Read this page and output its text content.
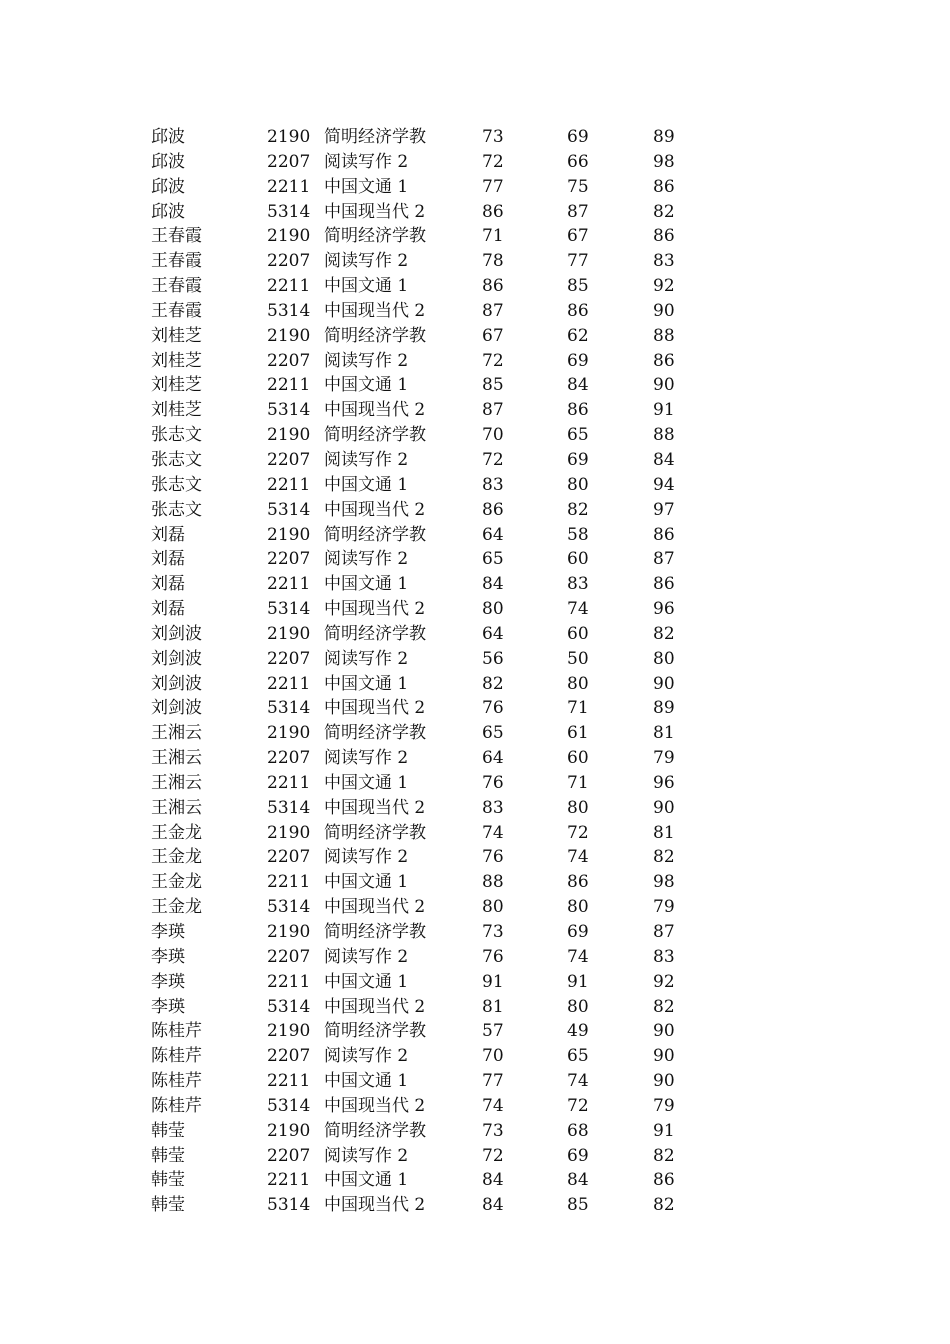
邱波	2190 简明经济学教	73	69	89
邱波	2207 阅读写作 2	72	66	98
邱波	2211 中国文通 1	77	75	86
邱波	5314 中国现当代 2	86	87	82
王春霞	2190 简明经济学教	71	67	86
王春霞	2207 阅读写作 2	78	77	83
王春霞	2211 中国文通 1	86	85	92
王春霞	5314 中国现当代 2	87	86	90
刘桂芝	2190 简明经济学教	67	62	88
刘桂芝	2207 阅读写作 2	72	69	86
刘桂芝	2211 中国文通 1	85	84	90
刘桂芝	5314 中国现当代 2	87	86	91
张志文	2190 简明经济学教	70	65	88
张志文	2207 阅读写作 2	72	69	84
张志文	2211 中国文通 1	83	80	94
张志文	5314 中国现当代 2	86	82	97
刘磊	2190 简明经济学教	64	58	86
刘磊	2207 阅读写作 2	65	60	87
刘磊	2211 中国文通 1	84	83	86
刘磊	5314 中国现当代 2	80	74	96
刘剑波	2190 简明经济学教	64	60	82
刘剑波	2207 阅读写作 2	56	50	80
刘剑波	2211 中国文通 1	82	80	90
刘剑波	5314 中国现当代 2	76	71	89
王湘云	2190 简明经济学教	65	61	81
王湘云	2207 阅读写作 2	64	60	79
王湘云	2211 中国文通 1	76	71	96
王湘云	5314 中国现当代 2	83	80	90
王金龙	2190 简明经济学教	74	72	81
王金龙	2207 阅读写作 2	76	74	82
王金龙	2211 中国文通 1	88	86	98
王金龙	5314 中国现当代 2	80	80	79
李瑛	2190 简明经济学教	73	69	87
李瑛	2207 阅读写作 2	76	74	83
李瑛	2211 中国文通 1	91	91	92
李瑛	5314 中国现当代 2	81	80	82
陈桂芹	2190 简明经济学教	57	49	90
陈桂芹	2207 阅读写作 2	70	65	90
陈桂芹	2211 中国文通 1	77	74	90
陈桂芹	5314 中国现当代 2	74	72	79
韩莹	2190 简明经济学教	73	68	91
韩莹	2207 阅读写作 2	72	69	82
韩莹	2211 中国文通 1	84	84	86
韩莹	5314 中国现当代 2	84	85	82
